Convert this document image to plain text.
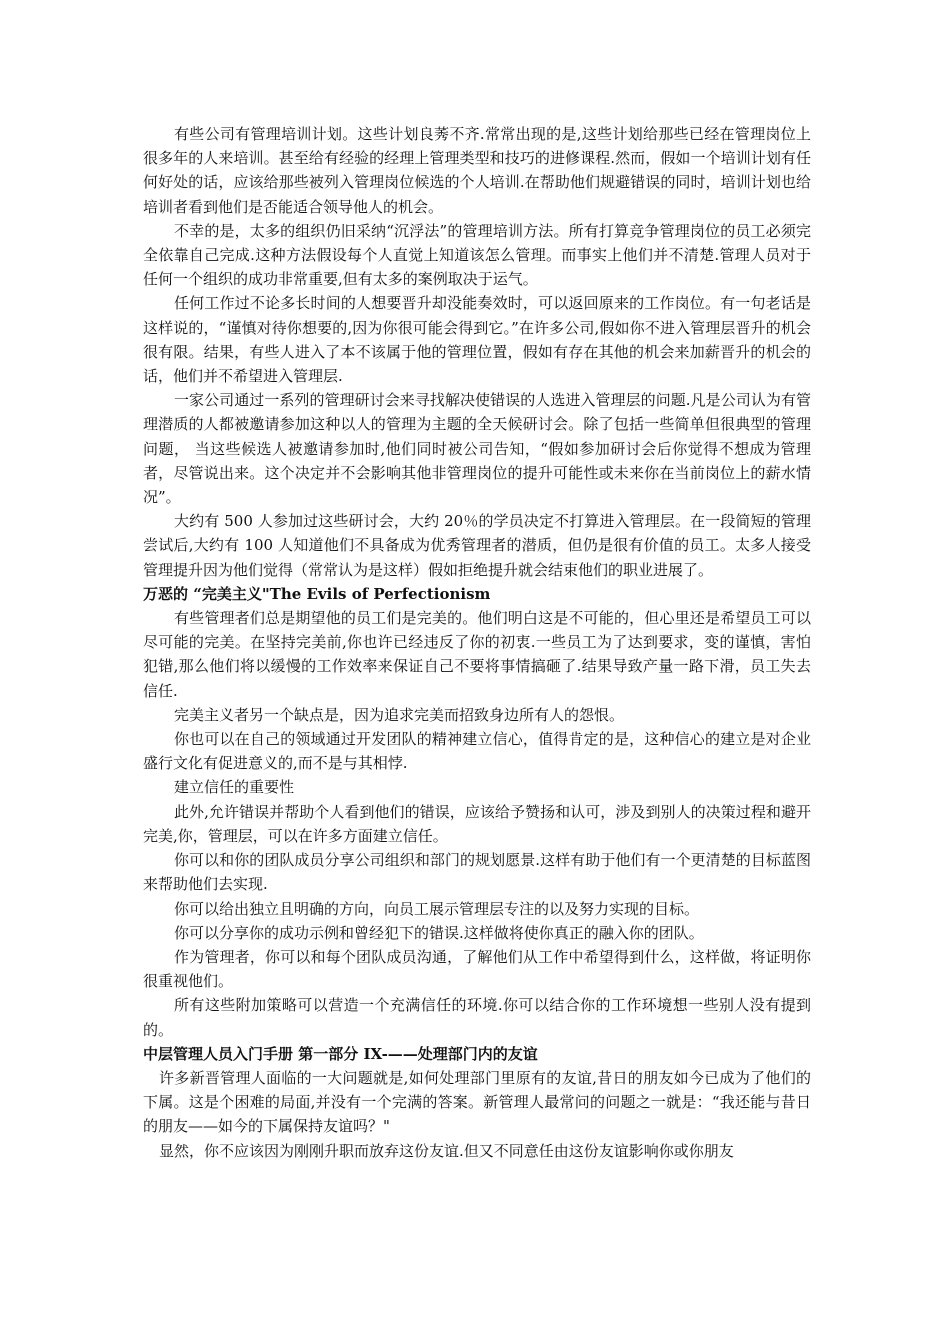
有些公司有管理培训计划。这些计划良莠不齐.常常出现的是,这些计划给那些已经在管理岗位上很多年的人来培训。甚至给有经验的经理上管理类型和技巧的进修课程.然而，假如一个培训计划有任何好处的话，应该给那些被列入管理岗位候选的个人培训.在帮助他们规避错误的同时，培训计划也给培训者看到他们是否能适合领导他人的机会。

不幸的是，太多的组织仍旧采纳“沉浮法”的管理培训方法。所有打算竞争管理岗位的员工必须完全依靠自己完成.这种方法假设每个人直觉上知道该怎么管理。而事实上他们并不清楚.管理人员对于任何一个组织的成功非常重要,但有太多的案例取决于运气。

任何工作过不论多长时间的人想要晋升却没能奏效时，可以返回原来的工作岗位。有一句老话是这样说的，“谨慎对待你想要的,因为你很可能会得到它。”在许多公司,假如你不进入管理层晋升的机会很有限。结果，有些人进入了本不该属于他的管理位置，假如有存在其他的机会来加薪晋升的机会的话，他们并不希望进入管理层.

一家公司通过一系列的管理研讨会来寻找解决使错误的人选进入管理层的问题.凡是公司认为有管理潜质的人都被邀请参加这种以人的管理为主题的全天候研讨会。除了包括一些简单但很典型的管理问题， 当这些候选人被邀请参加时,他们同时被公司告知，“假如参加研讨会后你觉得不想成为管理者，尽管说出来。这个决定并不会影响其他非管理岗位的提升可能性或未来你在当前岗位上的薪水情况”。

大约有 500 人参加过这些研讨会，大约 20％的学员决定不打算进入管理层。在一段简短的管理尝试后,大约有 100 人知道他们不具备成为优秀管理者的潜质，但仍是很有价值的员工。太多人接受管理提升因为他们觉得（常常认为是这样）假如拒绝提升就会结束他们的职业进展了。

万恶的 “完美主义"The Evils of Perfectionism

有些管理者们总是期望他的员工们是完美的。他们明白这是不可能的，但心里还是希望员工可以尽可能的完美。在坚持完美前,你也许已经违反了你的初衷.一些员工为了达到要求，变的谨慎，害怕犯错,那么他们将以缓慢的工作效率来保证自己不要将事情搞砸了.结果导致产量一路下滑，员工失去信任.

完美主义者另一个缺点是，因为追求完美而招致身边所有人的怨恨。

你也可以在自己的领域通过开发团队的精神建立信心，值得肯定的是，这种信心的建立是对企业盛行文化有促进意义的,而不是与其相悖.

建立信任的重要性

此外,允许错误并帮助个人看到他们的错误，应该给予赞扬和认可，涉及到别人的决策过程和避开完美,你，管理层，可以在许多方面建立信任。

你可以和你的团队成员分享公司组织和部门的规划愿景.这样有助于他们有一个更清楚的目标蓝图来帮助他们去实现.

你可以给出独立且明确的方向，向员工展示管理层专注的以及努力实现的目标。

你可以分享你的成功示例和曾经犯下的错误.这样做将使你真正的融入你的团队。

作为管理者，你可以和每个团队成员沟通，了解他们从工作中希望得到什么，这样做，将证明你很重视他们。

所有这些附加策略可以营造一个充满信任的环境.你可以结合你的工作环境想一些别人没有提到的。

中层管理人员入门手册 第一部分 IX-——处理部门内的友谊

许多新晋管理人面临的一大问题就是,如何处理部门里原有的友谊,昔日的朋友如今已成为了他们的下属。这是个困难的局面,并没有一个完满的答案。新管理人最常问的问题之一就是：“我还能与昔日的朋友——如今的下属保持友谊吗？"

显然，你不应该因为刚刚升职而放弃这份友谊.但又不同意任由这份友谊影响你或你朋友
